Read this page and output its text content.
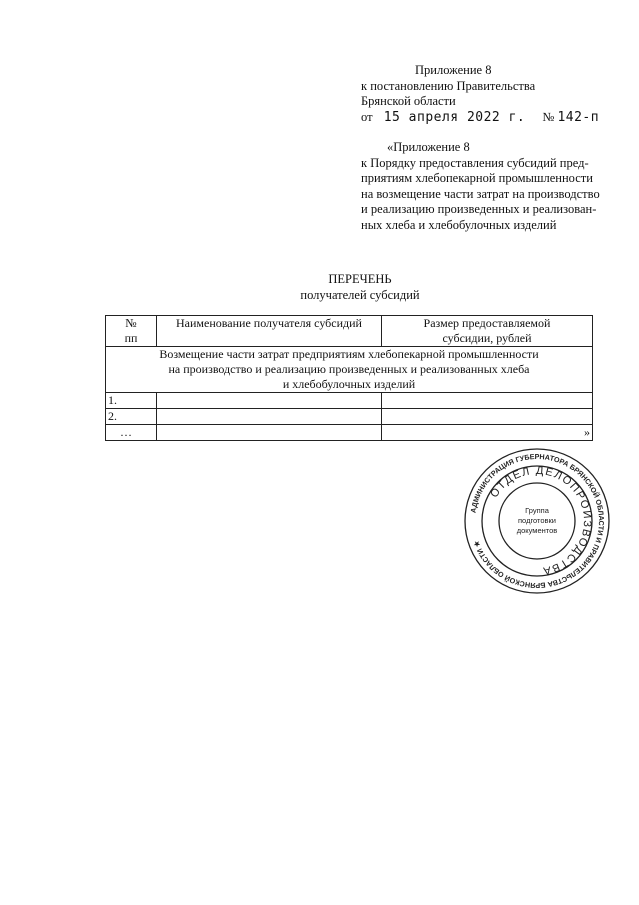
Приложение 8
к постановлению Правительства
Брянской области
от 15 апреля 2022 г. № 142-п
«Приложение 8
к Порядку предоставления субсидий пред-
приятиям хлебопекарной промышленности
на возмещение части затрат на производство
и реализацию произведенных и реализован-
ных хлеба и хлебобулочных изделий
ПЕРЕЧЕНЬ
получателей субсидий
№
пп	Наименование получателя субсидий	Размер предоставляемой
субсидии, рублей
Возмещение части затрат предприятиям хлебопекарной промышленности
на производство и реализацию произведенных и реализованных хлеба
и хлебобулочных изделий		
1.		
2.		
…		»
АДМИНИСТРАЦИЯ ГУБЕРНАТОРА БРЯНСКОЙ ОБЛАСТИ И ПРАВИТЕЛЬСТВА БРЯНСКОЙ ОБЛАСТИ ★
ОТДЕЛ ДЕЛОПРОИЗВОДСТВА
Группа
подготовки
документов
